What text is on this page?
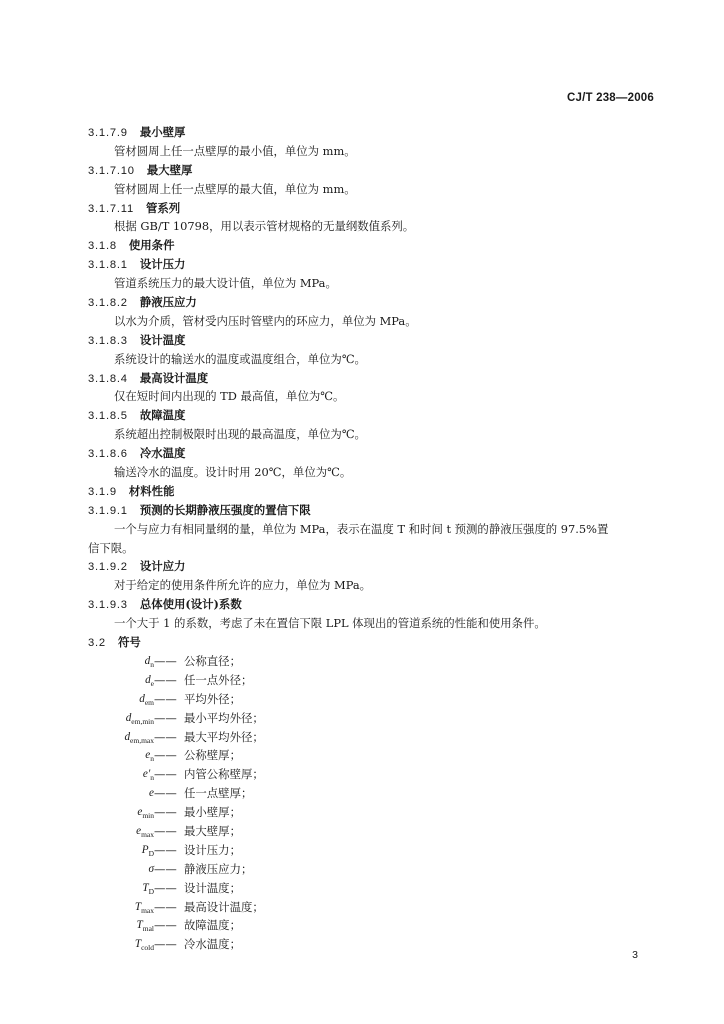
CJ/T 238—2006
3.1.7.9 最小壁厚
管材圆周上任一点壁厚的最小值，单位为 mm。
3.1.7.10 最大壁厚
管材圆周上任一点壁厚的最大值，单位为 mm。
3.1.7.11 管系列
根据 GB/T 10798，用以表示管材规格的无量纲数值系列。
3.1.8 使用条件
3.1.8.1 设计压力
管道系统压力的最大设计值，单位为 MPa。
3.1.8.2 静液压应力
以水为介质，管材受内压时管壁内的环应力，单位为 MPa。
3.1.8.3 设计温度
系统设计的输送水的温度或温度组合，单位为℃。
3.1.8.4 最高设计温度
仅在短时间内出现的 TD 最高值，单位为℃。
3.1.8.5 故障温度
系统超出控制极限时出现的最高温度，单位为℃。
3.1.8.6 冷水温度
输送冷水的温度。设计时用 20℃，单位为℃。
3.1.9 材料性能
3.1.9.1 预测的长期静液压强度的置信下限
一个与应力有相同量纲的量，单位为 MPa，表示在温度 T 和时间 t 预测的静液压强度的 97.5%置
信下限。
3.1.9.2 设计应力
对于给定的使用条件所允许的应力，单位为 MPa。
3.1.9.3 总体使用(设计)系数
一个大于 1 的系数，考虑了未在置信下限 LPL 体现出的管道系统的性能和使用条件。
3.2 符号
$d_n$ —— 公称直径；
$d_e$ —— 任一点外径；
$d_{em}$ —— 平均外径；
$d_{em,min}$ —— 最小平均外径；
$d_{em,max}$ —— 最大平均外径；
$e_n$ —— 公称壁厚；
$e'_n$ —— 内管公称壁厚；
e —— 任一点壁厚；
$e_{min}$ —— 最小壁厚；
$e_{max}$ —— 最大壁厚；
$P_D$ —— 设计压力；
σ —— 静液压应力；
$T_D$ —— 设计温度；
$T_{max}$ —— 最高设计温度；
$T_{mal}$ —— 故障温度；
$T_{cold}$ —— 冷水温度；
3
